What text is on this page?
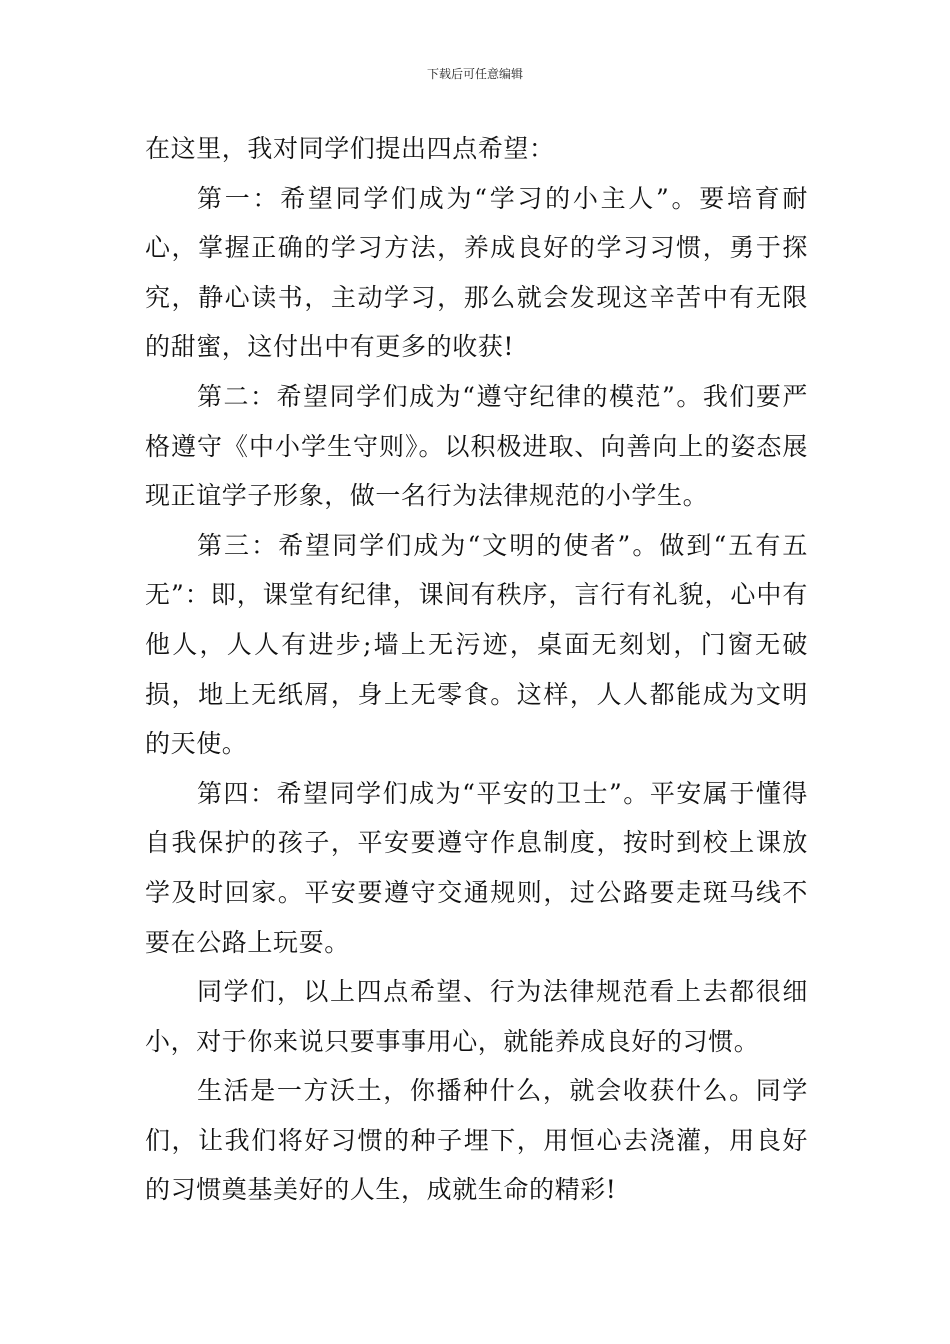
下载后可任意编辑

在这里，我对同学们提出四点希望：

第一：希望同学们成为“学习的小主人”。要培育耐心，掌握正确的学习方法，养成良好的学习习惯，勇于探究，静心读书，主动学习，那么就会发现这辛苦中有无限的甜蜜，这付出中有更多的收获!

第二：希望同学们成为“遵守纪律的模范”。我们要严格遵守《中小学生守则》。以积极进取、向善向上的姿态展现正谊学子形象，做一名行为法律规范的小学生。

第三：希望同学们成为“文明的使者”。做到“五有五无”：即，课堂有纪律，课间有秩序，言行有礼貌，心中有他人，人人有进步;墙上无污迹，桌面无刻划，门窗无破损，地上无纸屑，身上无零食。这样，人人都能成为文明的天使。

第四：希望同学们成为“平安的卫士”。平安属于懂得自我保护的孩子，平安要遵守作息制度，按时到校上课放学及时回家。平安要遵守交通规则，过公路要走斑马线不要在公路上玩耍。

同学们，以上四点希望、行为法律规范看上去都很细小，对于你来说只要事事用心，就能养成良好的习惯。

生活是一方沃土，你播种什么，就会收获什么。同学们，让我们将好习惯的种子埋下，用恒心去浇灌，用良好的习惯奠基美好的人生，成就生命的精彩!
